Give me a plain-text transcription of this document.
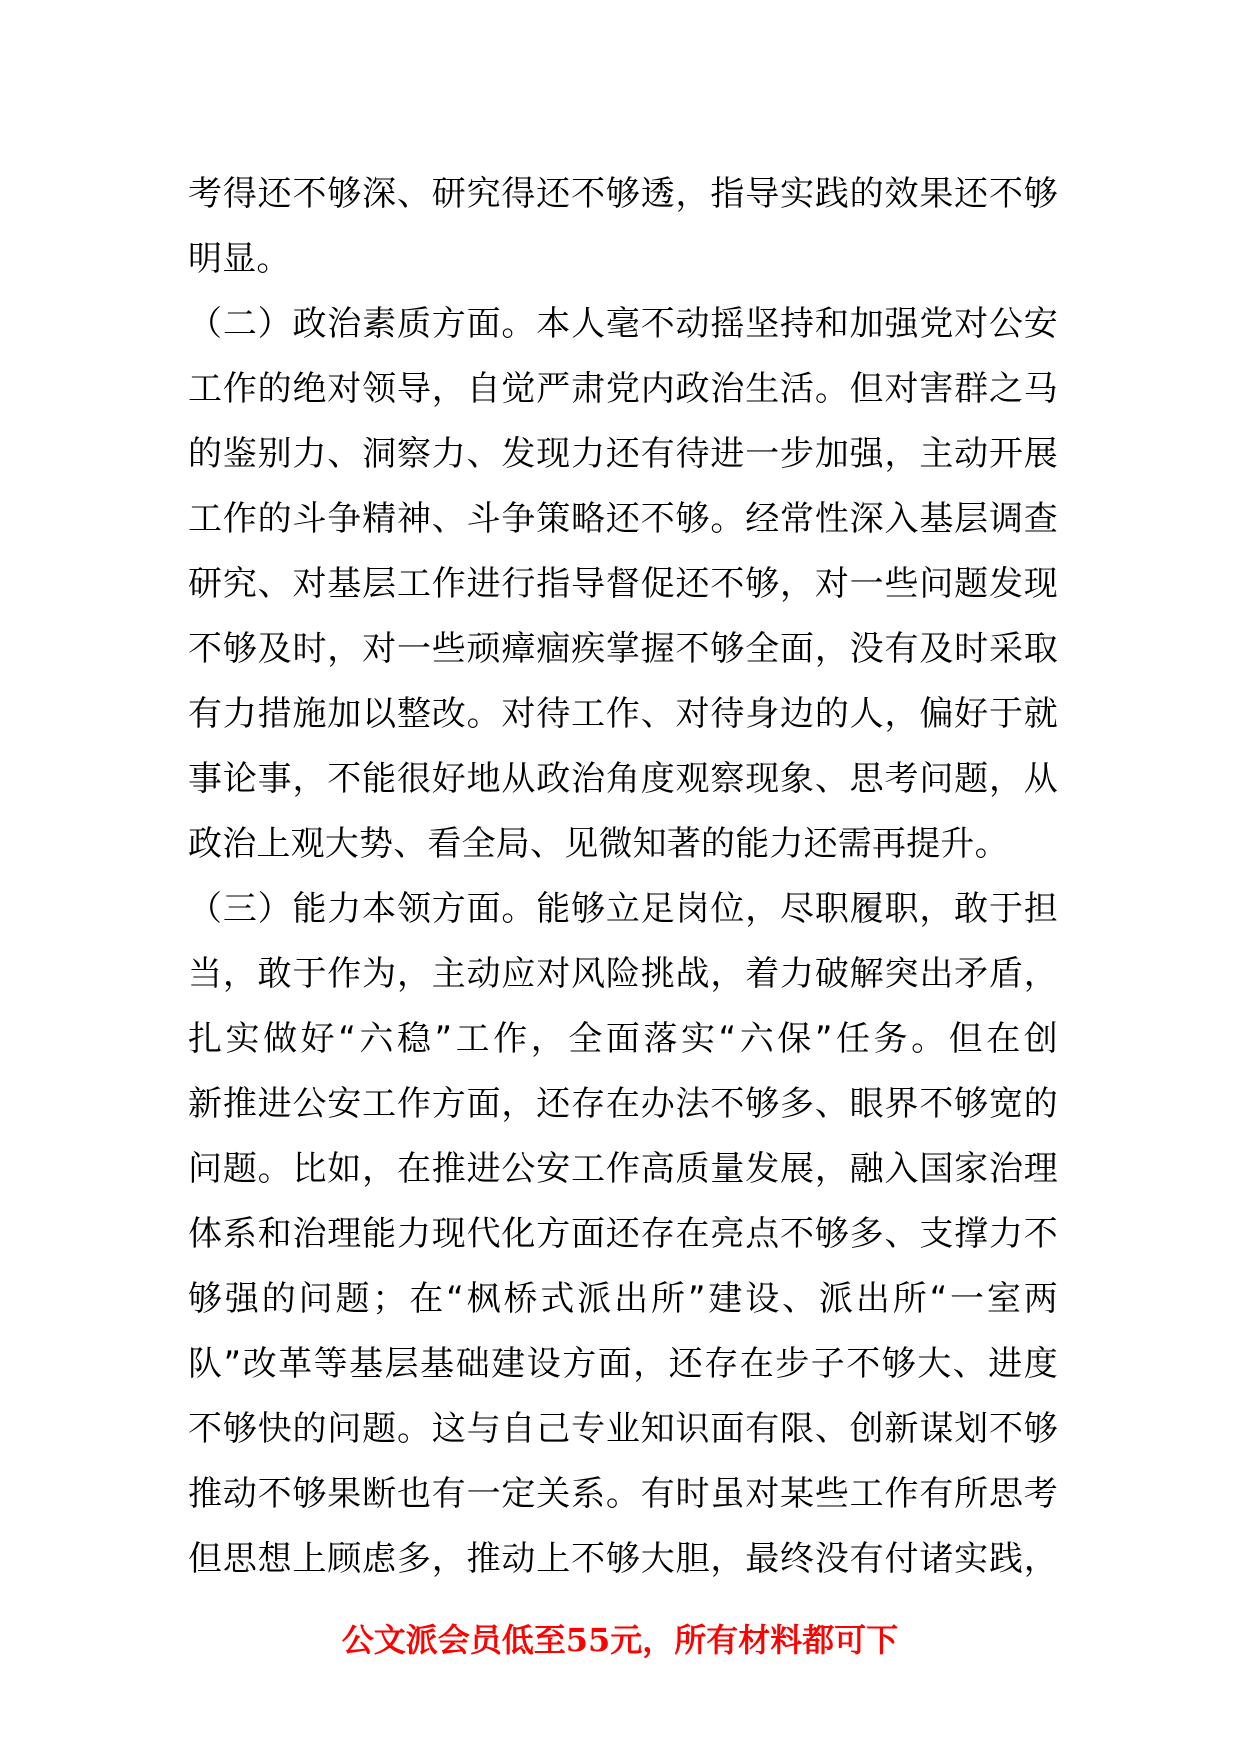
考得还不够深、研究得还不够透，指导实践的效果还不够
明显。
（二）政治素质方面。本人毫不动摇坚持和加强党对公安
工作的绝对领导，自觉严肃党内政治生活。但对害群之马
的鉴别力、洞察力、发现力还有待进一步加强，主动开展
工作的斗争精神、斗争策略还不够。经常性深入基层调查
研究、对基层工作进行指导督促还不够，对一些问题发现
不够及时，对一些顽瘴痼疾掌握不够全面，没有及时采取
有力措施加以整改。对待工作、对待身边的人，偏好于就
事论事，不能很好地从政治角度观察现象、思考问题，从
政治上观大势、看全局、见微知著的能力还需再提升。
（三）能力本领方面。能够立足岗位，尽职履职，敢于担
当，敢于作为，主动应对风险挑战，着力破解突出矛盾，
扎实做好“六稳”工作，全面落实“六保”任务。但在创
新推进公安工作方面，还存在办法不够多、眼界不够宽的
问题。比如，在推进公安工作高质量发展，融入国家治理
体系和治理能力现代化方面还存在亮点不够多、支撑力不
够强的问题；在“枫桥式派出所”建设、派出所“一室两
队”改革等基层基础建设方面，还存在步子不够大、进度
不够快的问题。这与自己专业知识面有限、创新谋划不够
推动不够果断也有一定关系。有时虽对某些工作有所思考
但思想上顾虑多，推动上不够大胆，最终没有付诸实践，
公文派会员低至55元，所有材料都可下
